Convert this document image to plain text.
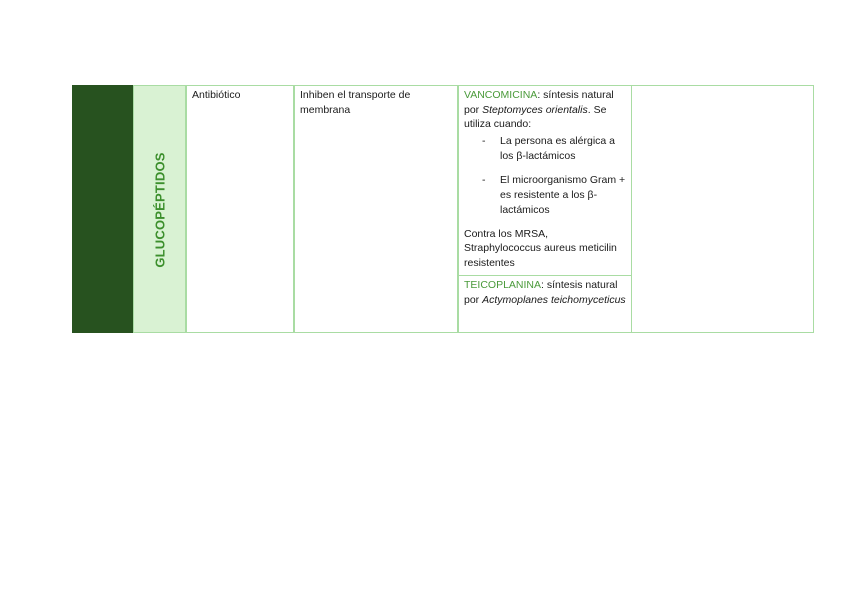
GLUCOPÉPTIDOS
Antibiótico	Inhiben el transporte de membrana
VANCOMICINA: síntesis natural por Steptomyces orientalis. Se utiliza cuando:
- La persona es alérgica a los β-lactámicos
- El microorganismo Gram + es resistente a los β-lactámicos
Contra los MRSA, Straphylococcus aureus meticilin resistentes
TEICOPLANINA: síntesis natural por Actymoplanes teichomyceticus
